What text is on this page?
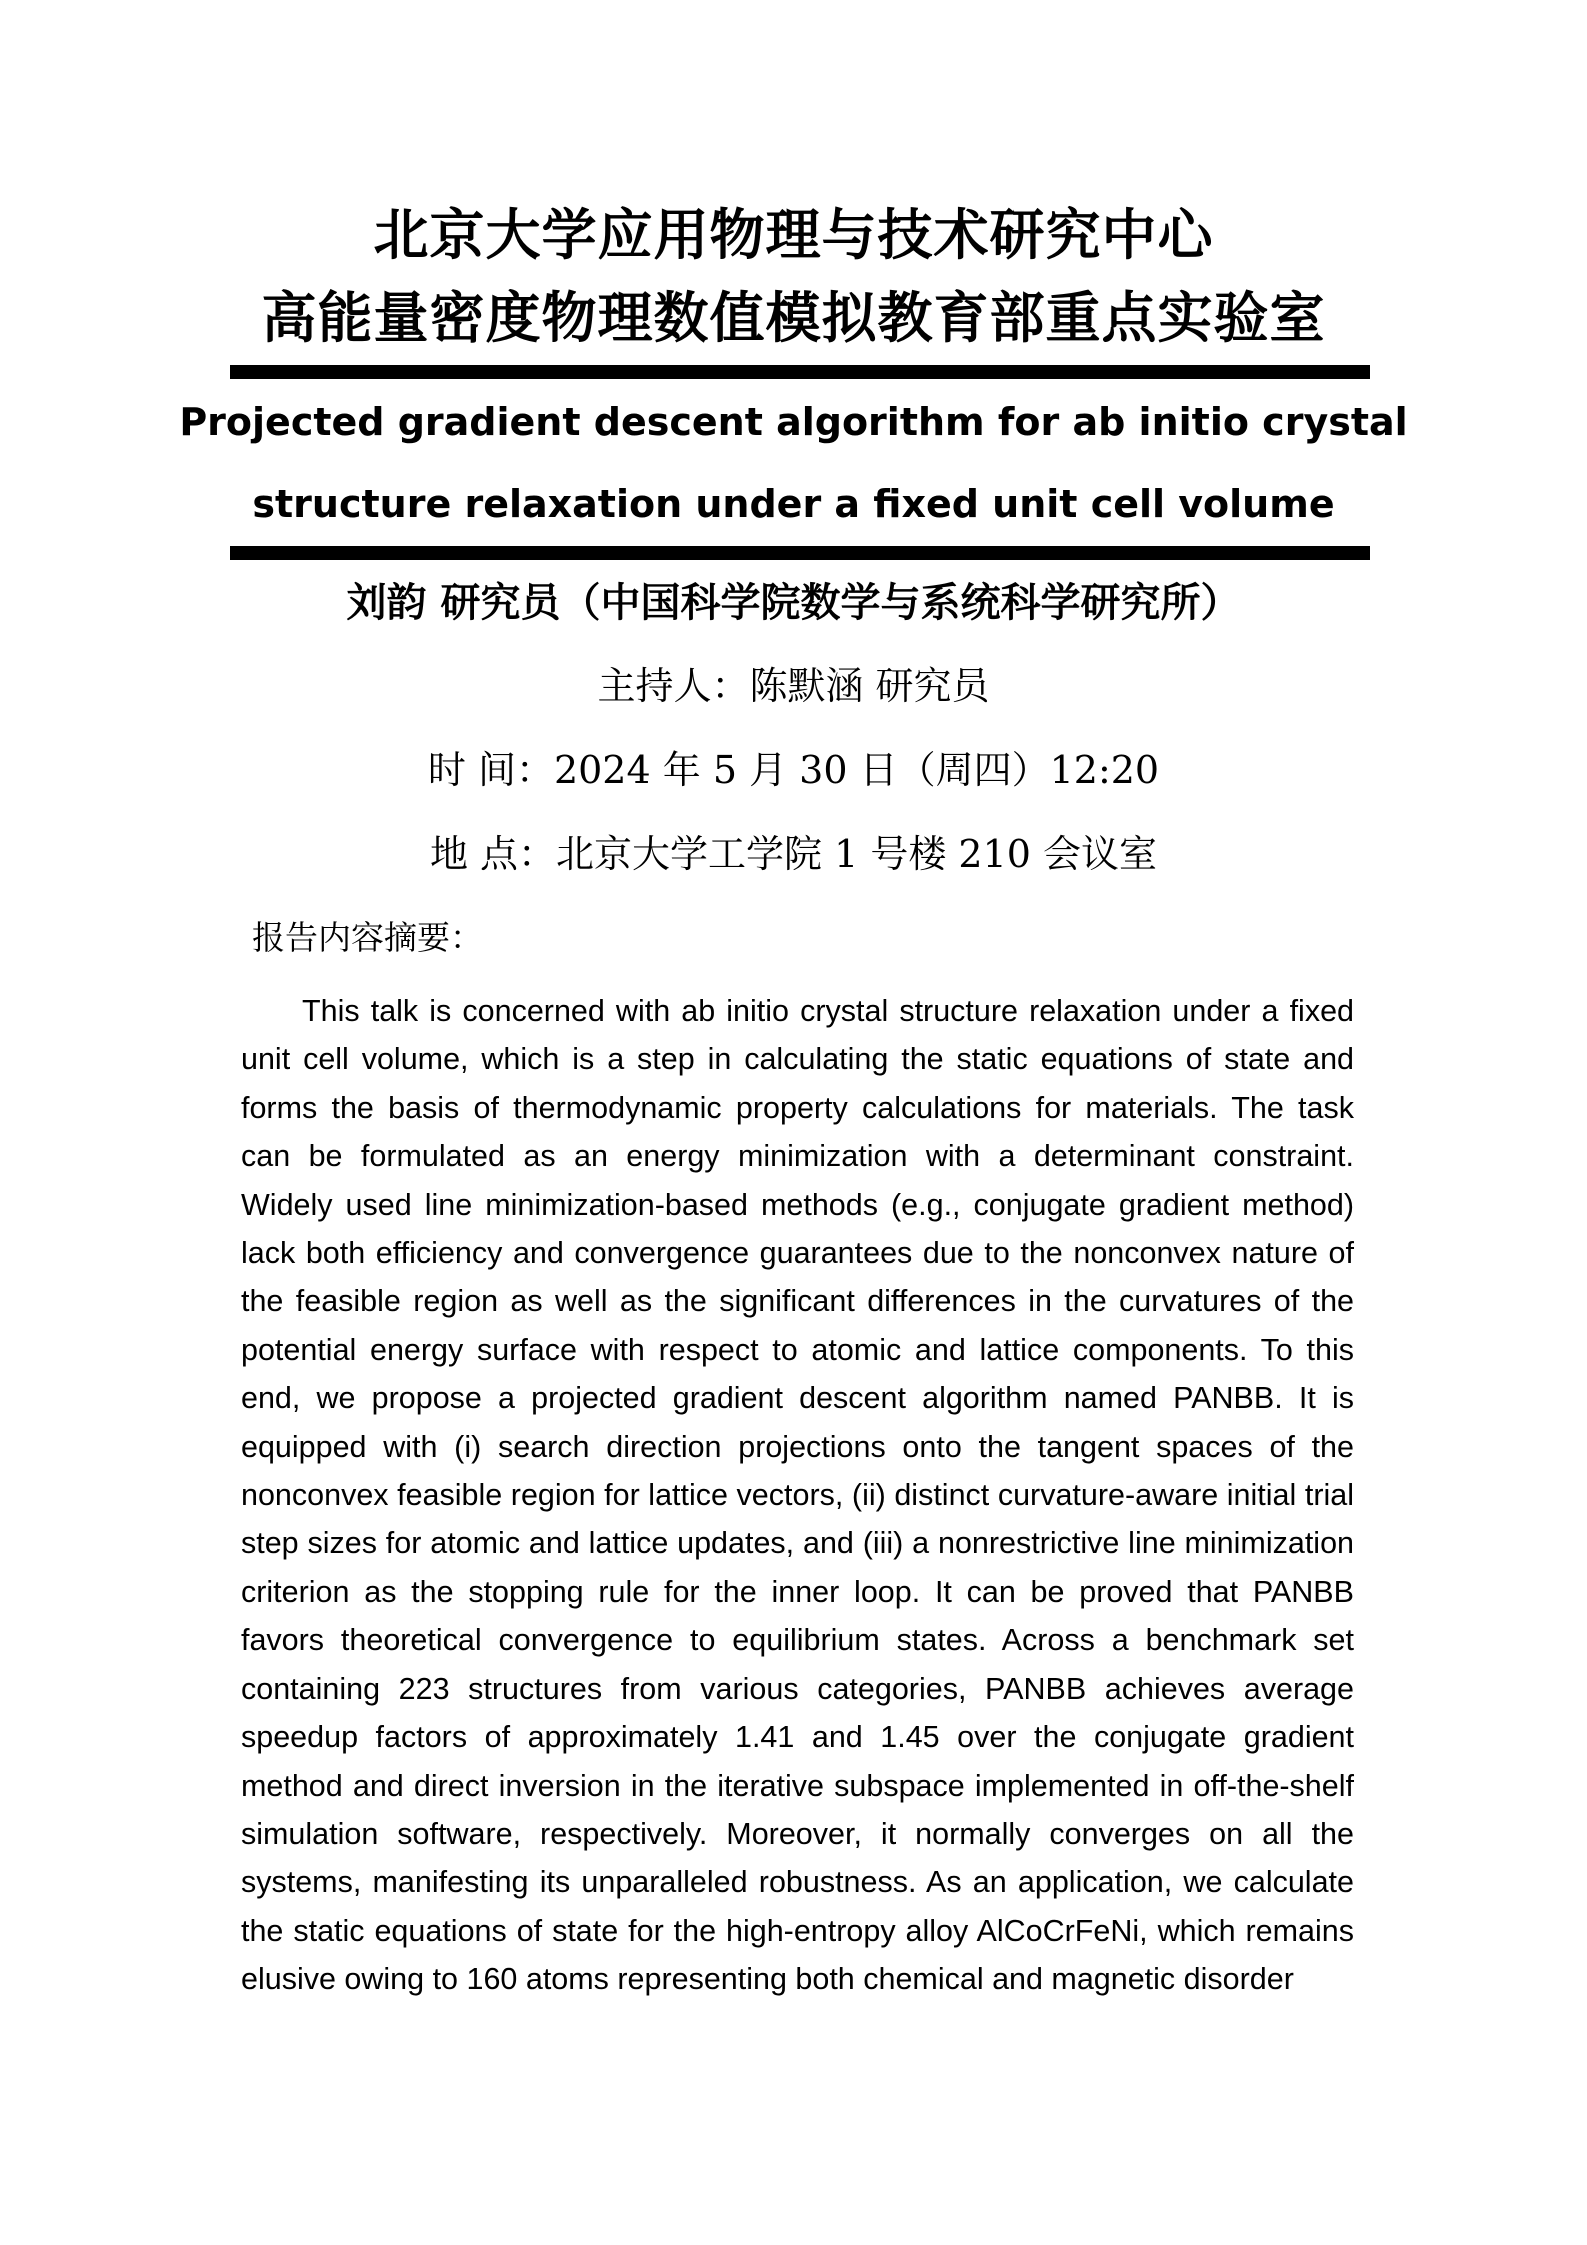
北京大学应用物理与技术研究中心
高能量密度物理数值模拟教育部重点实验室
Projected gradient descent algorithm for ab initio crystal
structure relaxation under a fixed unit cell volume
刘韵 研究员（中国科学院数学与系统科学研究所）
主持人：陈默涵 研究员
时 间：2024 年 5 月 30 日（周四）12:20
地 点：北京大学工学院 1 号楼 210 会议室
报告内容摘要：

This talk is concerned with ab initio crystal structure relaxation under a fixed unit cell volume, which is a step in calculating the static equations of state and forms the basis of thermodynamic property calculations for materials. The task can be formulated as an energy minimization with a determinant constraint. Widely used line minimization-based methods (e.g., conjugate gradient method) lack both efficiency and convergence guarantees due to the nonconvex nature of the feasible region as well as the significant differences in the curvatures of the potential energy surface with respect to atomic and lattice components. To this end, we propose a projected gradient descent algorithm named PANBB. It is equipped with (i) search direction projections onto the tangent spaces of the nonconvex feasible region for lattice vectors, (ii) distinct curvature-aware initial trial step sizes for atomic and lattice updates, and (iii) a nonrestrictive line minimization criterion as the stopping rule for the inner loop. It can be proved that PANBB favors theoretical convergence to equilibrium states. Across a benchmark set containing 223 structures from various categories, PANBB achieves average speedup factors of approximately 1.41 and 1.45 over the conjugate gradient method and direct inversion in the iterative subspace implemented in off-the-shelf simulation software, respectively. Moreover, it normally converges on all the systems, manifesting its unparalleled robustness. As an application, we calculate the static equations of state for the high-entropy alloy AlCoCrFeNi, which remains elusive owing to 160 atoms representing both chemical and magnetic disorder
